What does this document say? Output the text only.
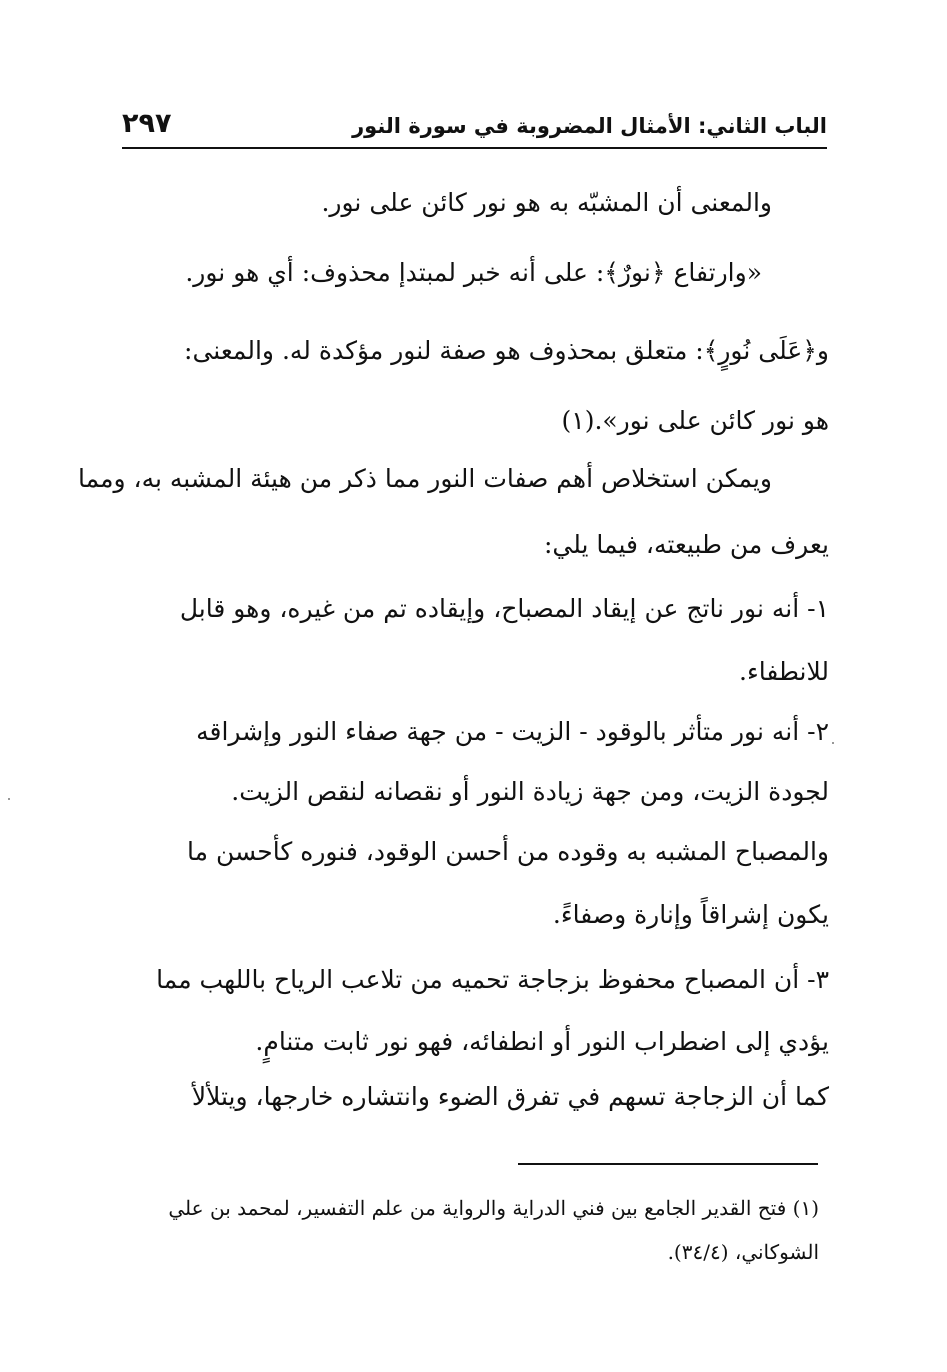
الباب الثاني: الأمثال المضروبة في سورة النور
٢٩٧
والمعنى أن المشبّه به هو نور كائن على نور.
«وارتفاع ﴿نورٌ﴾: على أنه خبر لمبتدإ محذوف: أي هو نور.
و﴿عَلَى نُورٍ﴾: متعلق بمحذوف هو صفة لنور مؤكدة له. والمعنى:
هو نور كائن على نور».(١)
ويمكن استخلاص أهم صفات النور مما ذكر من هيئة المشبه به، ومما
يعرف من طبيعته، فيما يلي:
١- أنه نور ناتج عن إيقاد المصباح، وإيقاده تم من غيره، وهو قابل
للانطفاء.
٢- أنه نور متأثر بالوقود - الزيت - من جهة صفاء النور وإشراقه
لجودة الزيت، ومن جهة زيادة النور أو نقصانه لنقص الزيت.
والمصباح المشبه به وقوده من أحسن الوقود، فنوره كأحسن ما
يكون إشراقاً وإنارة وصفاءً.
٣- أن المصباح محفوظ بزجاجة تحميه من تلاعب الرياح باللهب مما
يؤدي إلى اضطراب النور أو انطفائه، فهو نور ثابت متنامٍ.
كما أن الزجاجة تسهم في تفرق الضوء وانتشاره خارجها، ويتلألأ
(١) فتح القدير الجامع بين فني الدراية والرواية من علم التفسير، لمحمد بن علي
الشوكاني، (٣٤/٤).
